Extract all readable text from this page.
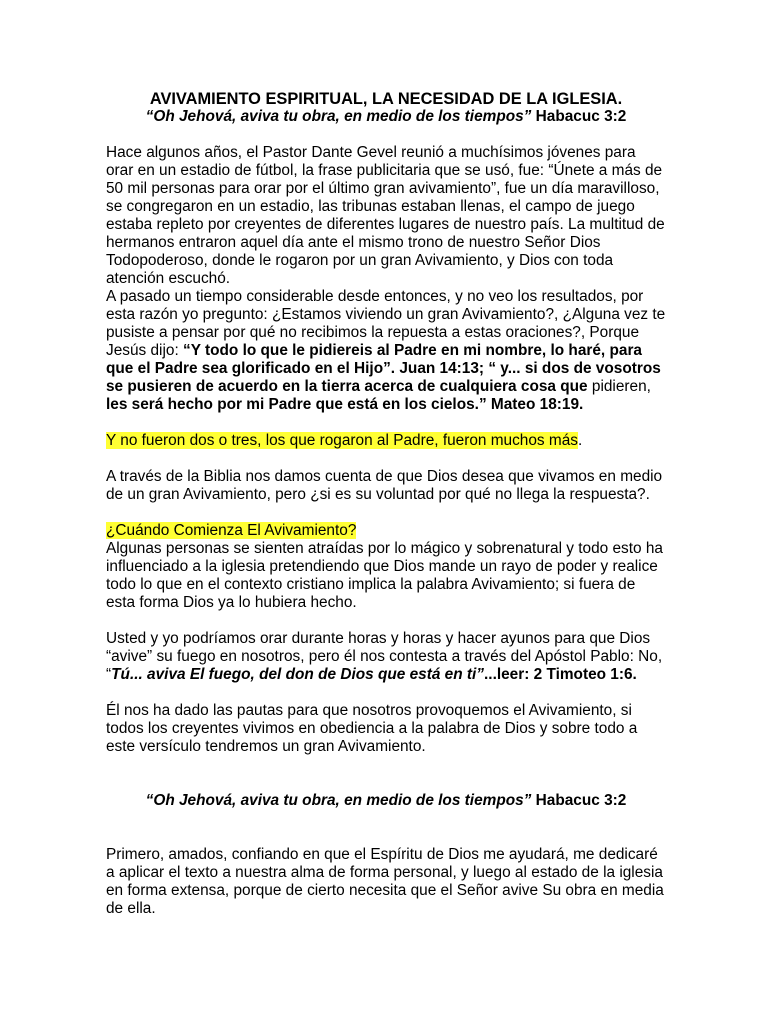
AVIVAMIENTO ESPIRITUAL, LA NECESIDAD DE LA IGLESIA.

“Oh Jehová, aviva tu obra, en medio de los tiempos” Habacuc 3:2

Hace algunos años, el Pastor Dante Gevel reunió a muchísimos jóvenes para orar en un estadio de fútbol, la frase publicitaria que se usó, fue: “Únete a más de 50 mil personas para orar por el último gran avivamiento”, fue un día maravilloso, se congregaron en un estadio, las tribunas estaban llenas, el campo de juego estaba repleto por creyentes de diferentes lugares de nuestro país. La multitud de hermanos entraron aquel día ante el mismo trono de nuestro Señor Dios Todopoderoso, donde le rogaron por un gran Avivamiento, y Dios con toda atención escuchó.

A pasado un tiempo considerable desde entonces, y no veo los resultados, por esta razón yo pregunto: ¿Estamos viviendo un gran Avivamiento?, ¿Alguna vez te pusiste a pensar por qué no recibimos la repuesta a estas oraciones?, Porque Jesús dijo: “Y todo lo que le pidiereis al Padre en mi nombre, lo haré, para que el Padre sea glorificado en el Hijo”. Juan 14:13; “ y... si dos de vosotros se pusieren de acuerdo en la tierra acerca de cualquiera cosa que pidieren, les será hecho por mi Padre que está en los cielos.” Mateo 18:19.

Y no fueron dos o tres, los que rogaron al Padre, fueron muchos más.

A través de la Biblia nos damos cuenta de que Dios desea que vivamos en medio de un gran Avivamiento, pero ¿si es su voluntad por qué no llega la respuesta?.

¿Cuándo Comienza El Avivamiento?

Algunas personas se sienten atraídas por lo mágico y sobrenatural y todo esto ha influenciado a la iglesia pretendiendo que Dios mande un rayo de poder y realice todo lo que en el contexto cristiano implica la palabra Avivamiento; si fuera de esta forma Dios ya lo hubiera hecho.

Usted y yo podríamos orar durante horas y horas y hacer ayunos para que Dios “avive” su fuego en nosotros, pero él nos contesta a través del Apóstol Pablo: No, “Tú... aviva El fuego, del don de Dios que está en ti”...leer: 2 Timoteo 1:6.

Él nos ha dado las pautas para que nosotros provoquemos el Avivamiento, si todos los creyentes vivimos en obediencia a la palabra de Dios y sobre todo a este versículo tendremos un gran Avivamiento.

“Oh Jehová, aviva tu obra, en medio de los tiempos” Habacuc 3:2

Primero, amados, confiando en que el Espíritu de Dios me ayudará, me dedicaré a aplicar el texto a nuestra alma de forma personal, y luego al estado de la iglesia en forma extensa, porque de cierto necesita que el Señor avive Su obra en media de ella.
